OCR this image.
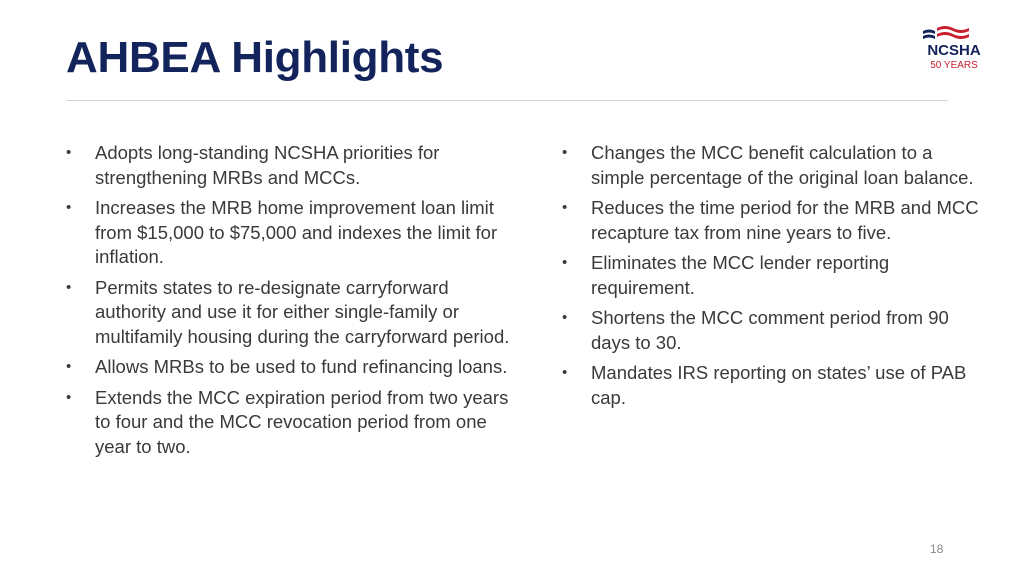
AHBEA Highlights	NCSHA
50 YEARS
• Adopts long-standing NCSHA priorities for strengthening MRBs and MCCs.
• Increases the MRB home improvement loan limit from $15,000 to $75,000 and indexes the limit for inflation.
• Permits states to re-designate carryforward authority and use it for either single-family or multifamily housing during the carryforward period.
• Allows MRBs to be used to fund refinancing loans.
• Extends the MCC expiration period from two years to four and the MCC revocation period from one year to two.
• Changes the MCC benefit calculation to a simple percentage of the original loan balance.
• Reduces the time period for the MRB and MCC recapture tax from nine years to five.
• Eliminates the MCC lender reporting requirement.
• Shortens the MCC comment period from 90 days to 30.
• Mandates IRS reporting on states’ use of PAB cap.
18
